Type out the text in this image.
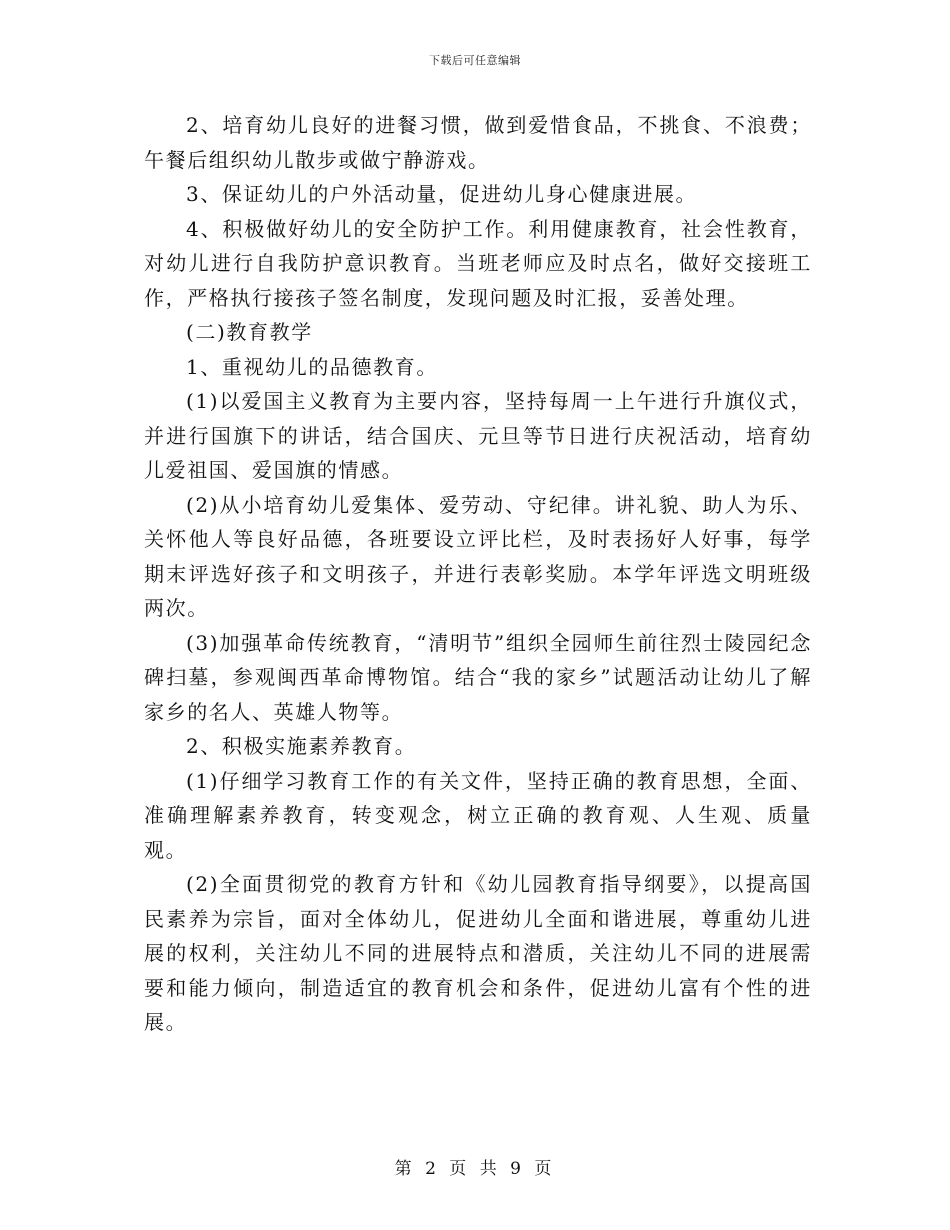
下载后可任意编辑

2、培育幼儿良好的进餐习惯，做到爱惜食品，不挑食、不浪费；午餐后组织幼儿散步或做宁静游戏。

3、保证幼儿的户外活动量，促进幼儿身心健康进展。

4、积极做好幼儿的安全防护工作。利用健康教育，社会性教育，对幼儿进行自我防护意识教育。当班老师应及时点名，做好交接班工作，严格执行接孩子签名制度，发现问题及时汇报，妥善处理。

(二)教育教学

1、重视幼儿的品德教育。

(1)以爱国主义教育为主要内容，坚持每周一上午进行升旗仪式，并进行国旗下的讲话，结合国庆、元旦等节日进行庆祝活动，培育幼儿爱祖国、爱国旗的情感。

(2)从小培育幼儿爱集体、爱劳动、守纪律。讲礼貌、助人为乐、关怀他人等良好品德，各班要设立评比栏，及时表扬好人好事，每学期末评选好孩子和文明孩子，并进行表彰奖励。本学年评选文明班级两次。

(3)加强革命传统教育，“清明节”组织全园师生前往烈士陵园纪念碑扫墓，参观闽西革命博物馆。结合“我的家乡”试题活动让幼儿了解家乡的名人、英雄人物等。

2、积极实施素养教育。

(1)仔细学习教育工作的有关文件，坚持正确的教育思想，全面、准确理解素养教育，转变观念，树立正确的教育观、人生观、质量观。

(2)全面贯彻党的教育方针和《幼儿园教育指导纲要》，以提高国民素养为宗旨，面对全体幼儿，促进幼儿全面和谐进展，尊重幼儿进展的权利，关注幼儿不同的进展特点和潜质，关注幼儿不同的进展需要和能力倾向，制造适宜的教育机会和条件，促进幼儿富有个性的进展。

第 2 页 共 9 页
